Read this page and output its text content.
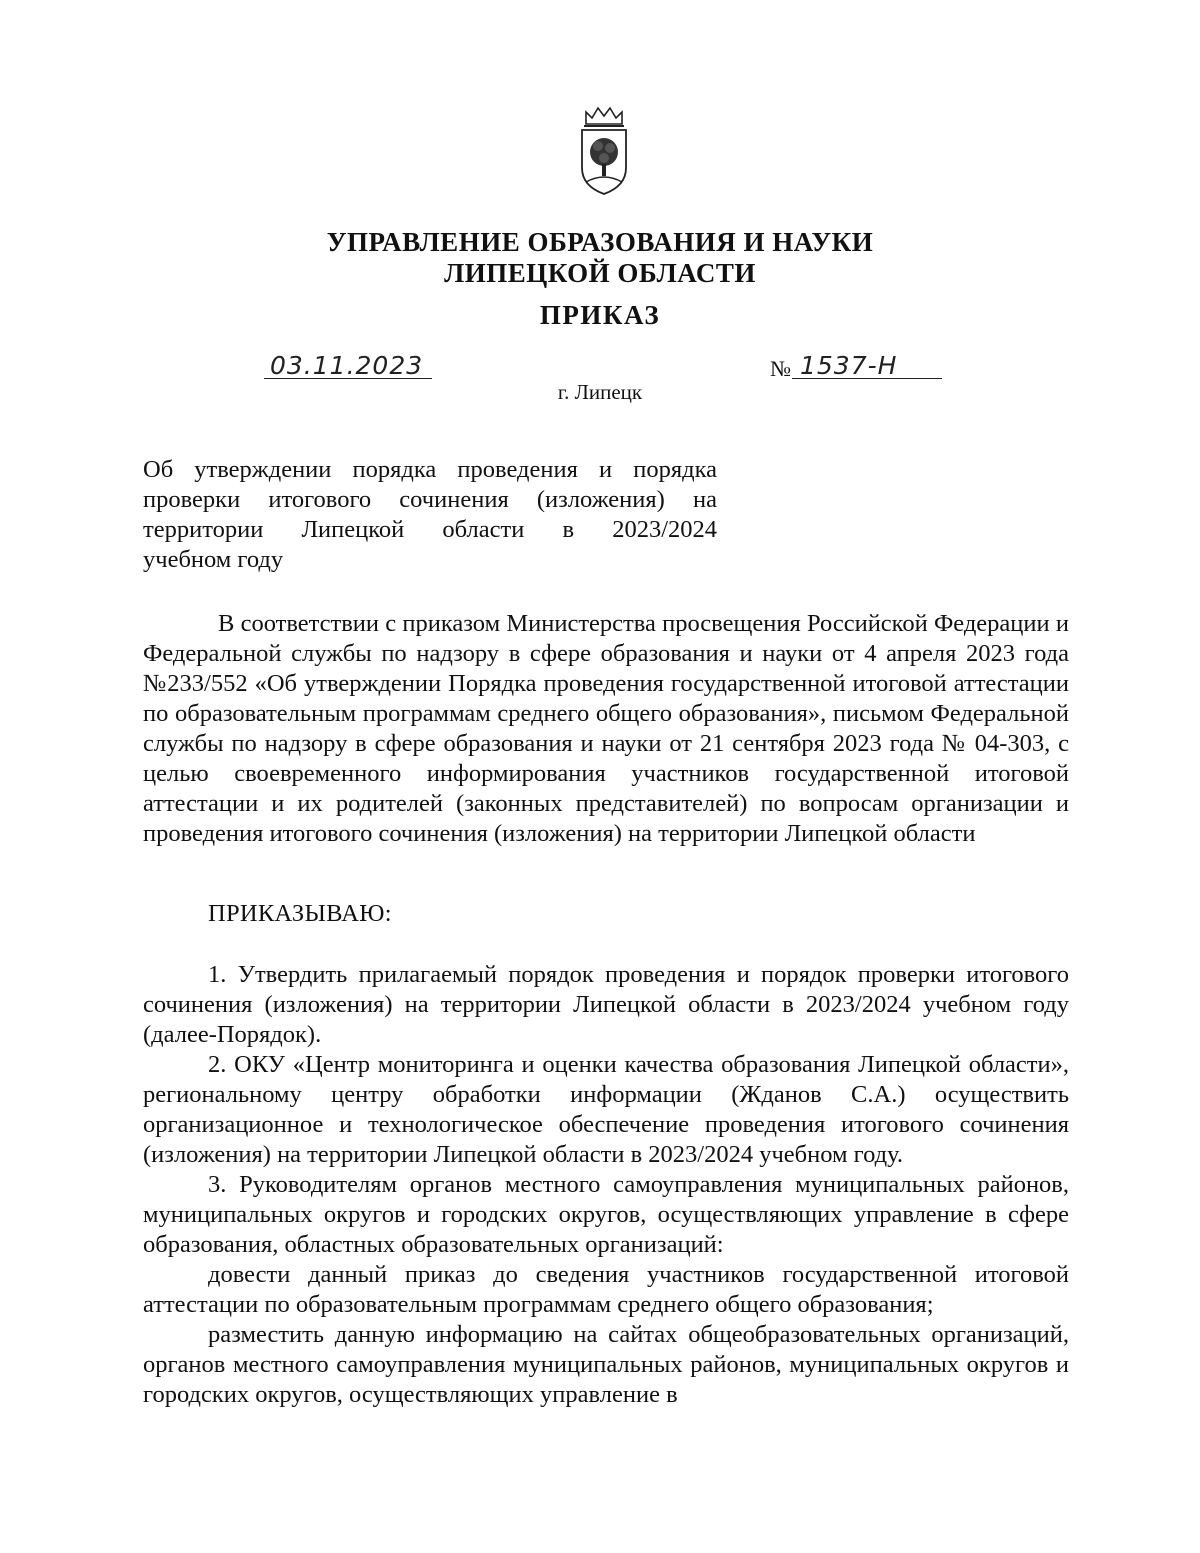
УПРАВЛЕНИЕ ОБРАЗОВАНИЯ И НАУКИ
ЛИПЕЦКОЙ ОБЛАСТИ
ПРИКАЗ
03.11.2023	№ 1537-Н
г. Липецк
Об утверждении порядка проведения и порядка
проверки итогового сочинения (изложения) на
территории Липецкой области в 2023/2024
учебном году

В соответствии с приказом Министерства просвещения Российской Федерации и Федеральной службы по надзору в сфере образования и науки от 4 апреля 2023 года №233/552 «Об утверждении Порядка проведения государственной итоговой аттестации по образовательным программам среднего общего образования», письмом Федеральной службы по надзору в сфере образования и науки от 21 сентября 2023 года № 04-303, с целью своевременного информирования участников государственной итоговой аттестации и их родителей (законных представителей) по вопросам организации и проведения итогового сочинения (изложения) на территории Липецкой области

ПРИКАЗЫВАЮ:

1. Утвердить прилагаемый порядок проведения и порядок проверки итогового сочинения (изложения) на территории Липецкой области в 2023/2024 учебном году (далее-Порядок).

2. ОКУ «Центр мониторинга и оценки качества образования Липецкой области», региональному центру обработки информации (Жданов С.А.) осуществить организационное и технологическое обеспечение проведения итогового сочинения (изложения) на территории Липецкой области в 2023/2024 учебном году.

3. Руководителям органов местного самоуправления муниципальных районов, муниципальных округов и городских округов, осуществляющих управление в сфере образования, областных образовательных организаций:

довести данный приказ до сведения участников государственной итоговой аттестации по образовательным программам среднего общего образования;

разместить данную информацию на сайтах общеобразовательных организаций, органов местного самоуправления муниципальных районов, муниципальных округов и городских округов, осуществляющих управление в
